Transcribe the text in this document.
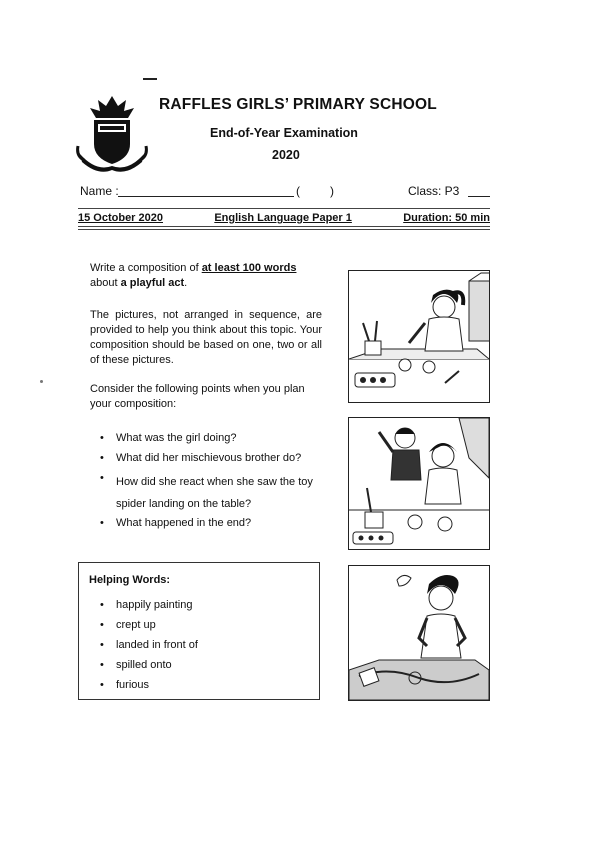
RAFFLES GIRLS’ PRIMARY SCHOOL
End-of-Year Examination
2020
Name :	(	)	Class: P3
15 October 2020	English Language Paper 1	Duration: 50 min
Write a composition of at least 100 words
about a playful act.
The pictures, not arranged in sequence, are provided to help you think about this topic. Your composition should be based on one, two or all of these pictures.
Consider the following points when you plan your composition:
• What was the girl doing?
• What did her mischievous brother do?
• How did she react when she saw the toy spider landing on the table?
• What happened in the end?
Helping Words:
• happily painting
• crept up
• landed in front of
• spilled onto
• furious
